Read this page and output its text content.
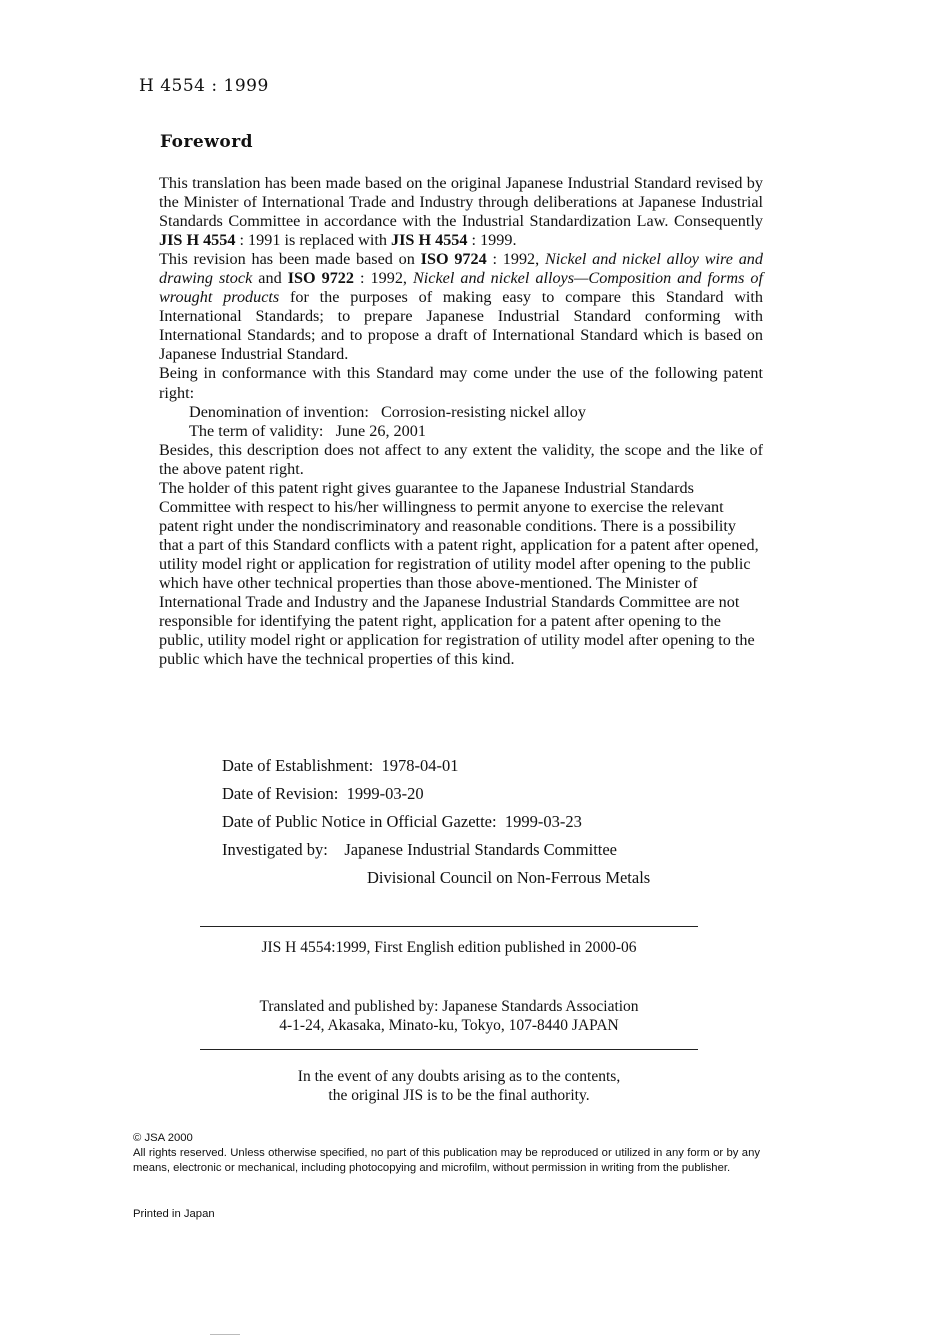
H 4554 : 1999
Foreword

This translation has been made based on the original Japanese Industrial Standard revised by the Minister of International Trade and Industry through deliberations at Japanese Industrial Standards Committee in accordance with the Industrial Standardization Law. Consequently JIS H 4554 : 1991 is replaced with JIS H 4554 : 1999.

This revision has been made based on ISO 9724 : 1992, Nickel and nickel alloy wire and drawing stock and ISO 9722 : 1992, Nickel and nickel alloys—Composition and forms of wrought products for the purposes of making easy to compare this Standard with International Standards; to prepare Japanese Industrial Standard conforming with International Standards; and to propose a draft of International Standard which is based on Japanese Industrial Standard.

Being in conformance with this Standard may come under the use of the following patent right:

Denomination of invention: Corrosion-resisting nickel alloy

The term of validity: June 26, 2001

Besides, this description does not affect to any extent the validity, the scope and the like of the above patent right.

The holder of this patent right gives guarantee to the Japanese Industrial Standards Committee with respect to his/her willingness to permit anyone to exercise the relevant patent right under the nondiscriminatory and reasonable conditions. There is a possibility that a part of this Standard conflicts with a patent right, application for a patent after opened, utility model right or application for registration of utility model after opening to the public which have other technical properties than those above-mentioned. The Minister of International Trade and Industry and the Japanese Industrial Standards Committee are not responsible for identifying the patent right, application for a patent after opening to the public, utility model right or application for registration of utility model after opening to the public which have the technical properties of this kind.

Date of Establishment: 1978-04-01
Date of Revision: 1999-03-20
Date of Public Notice in Official Gazette: 1999-03-23
Investigated by: Japanese Industrial Standards Committee
Divisional Council on Non-Ferrous Metals
JIS H 4554:1999, First English edition published in 2000-06
Translated and published by: Japanese Standards Association
4-1-24, Akasaka, Minato-ku, Tokyo, 107-8440 JAPAN
In the event of any doubts arising as to the contents,
the original JIS is to be the final authority.
© JSA 2000
All rights reserved. Unless otherwise specified, no part of this publication may be reproduced or utilized in any form or by any means, electronic or mechanical, including photocopying and microfilm, without permission in writing from the publisher.
Printed in Japan
